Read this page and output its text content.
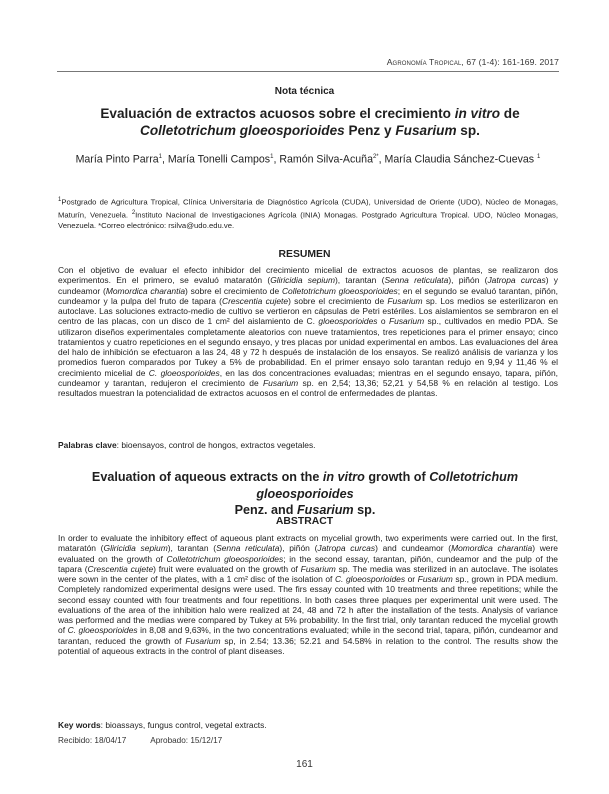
Agronomía Tropical, 67 (1-4): 161-169. 2017
Nota técnica
Evaluación de extractos acuosos sobre el crecimiento in vitro de
Colletotrichum gloeosporioides Penz y Fusarium sp.
María Pinto Parra$^1$, María Tonelli Campos$^1$, Ramón Silva-Acuña$^{2*}$, María Claudia Sánchez-Cuevas $^1$
$^1$Postgrado de Agricultura Tropical, Clínica Universitaria de Diagnóstico Agrícola (CUDA), Universidad de Oriente (UDO), Núcleo de Monagas, Maturín, Venezuela. $^2$Instituto Nacional de Investigaciones Agrícola (INIA) Monagas. Postgrado Agricultura Tropical. UDO, Núcleo Monagas, Venezuela. *Correo electrónico: rsilva@udo.edu.ve.
RESUMEN
Con el objetivo de evaluar el efecto inhibidor del crecimiento micelial de extractos acuosos de plantas, se realizaron dos experimentos. En el primero, se evaluó mataratón (Gliricidia sepium), tarantan (Senna reticulata), piñón (Jatropa curcas) y cundeamor (Momordica charantia) sobre el crecimiento de Colletotrichum gloeosporioides; en el segundo se evaluó tarantan, piñón, cundeamor y la pulpa del fruto de tapara (Crescentia cujete) sobre el crecimiento de Fusarium sp. Los medios se esterilizaron en autoclave. Las soluciones extracto-medio de cultivo se vertieron en cápsulas de Petri estériles. Los aislamientos se sembraron en el centro de las placas, con un disco de 1 cm² del aislamiento de C. gloeosporioides o Fusarium sp., cultivados en medio PDA. Se utilizaron diseños experimentales completamente aleatorios con nueve tratamientos, tres repeticiones para el primer ensayo; cinco tratamientos y cuatro repeticiones en el segundo ensayo, y tres placas por unidad experimental en ambos. Las evaluaciones del área del halo de inhibición se efectuaron a las 24, 48 y 72 h después de instalación de los ensayos. Se realizó análisis de varianza y los promedios fueron comparados por Tukey a 5% de probabilidad. En el primer ensayo solo tarantan redujo en 9,94 y 11,46 % el crecimiento micelial de C. gloeosporioides, en las dos concentraciones evaluadas; mientras en el segundo ensayo, tapara, piñón, cundeamor y tarantan, redujeron el crecimiento de Fusarium sp. en 2,54; 13,36; 52,21 y 54,58 % en relación al testigo. Los resultados muestran la potencialidad de extractos acuosos en el control de enfermedades de plantas.
Palabras clave: bioensayos, control de hongos, extractos vegetales.
Evaluation of aqueous extracts on the in vitro growth of Colletotrichum gloeosporioides
Penz. and Fusarium sp.
ABSTRACT
In order to evaluate the inhibitory effect of aqueous plant extracts on mycelial growth, two experiments were carried out. In the first, mataratón (Gliricidia sepium), tarantan (Senna reticulata), piñón (Jatropa curcas) and cundeamor (Momordica charantia) were evaluated on the growth of Colletotrichum gloeosporioides; in the second essay, tarantan, piñón, cundeamor and the pulp of the tapara (Crescentia cujete) fruit were evaluated on the growth of Fusarium sp. The media was sterilized in an autoclave. The isolates were sown in the center of the plates, with a 1 cm² disc of the isolation of C. gloeosporioides or Fusarium sp., grown in PDA medium. Completely randomized experimental designs were used. The firs essay counted with 10 treatments and three repetitions; while the second essay counted with four treatments and four repetitions. In both cases three plaques per experimental unit were used. The evaluations of the area of the inhibition halo were realized at 24, 48 and 72 h after the installation of the tests. Analysis of variance was performed and the medias were compared by Tukey at 5% probability. In the first trial, only tarantan reduced the mycelial growth of C. gloeosporioides in 8,08 and 9,63%, in the two concentrations evaluated; while in the second trial, tapara, piñón, cundeamor and tarantan, reduced the growth of Fusarium sp, in 2.54; 13.36; 52.21 and 54.58% in relation to the control. The results show the potential of aqueous extracts in the control of plant diseases.
Key words: bioassays, fungus control, vegetal extracts.
Recibido: 18/04/17	Aprobado: 15/12/17
161
